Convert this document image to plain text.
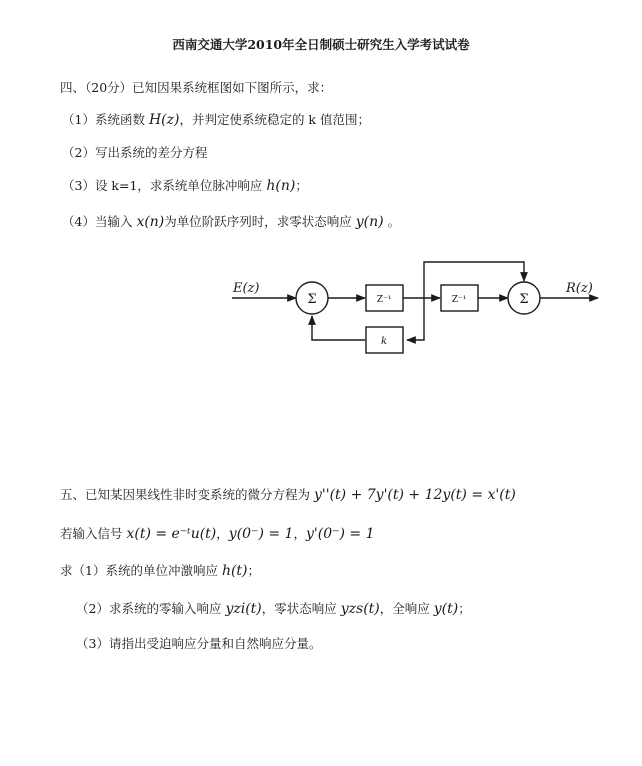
西南交通大学2010年全日制硕士研究生入学考试试卷
四、（20分）已知因果系统框图如下图所示，求：
（1）系统函数 H(z)，并判定使系统稳定的 k 值范围；
（2）写出系统的差分方程
（3）设 k=1，求系统单位脉冲响应 h(n)；
（4）当输入 x(n)为单位阶跃序列时，求零状态响应 y(n) 。
E(z)	R(z)
Σ	Σ
Z⁻¹	Z⁻¹
k
五、已知某因果线性非时变系统的微分方程为 y''(t) + 7y'(t) + 12y(t) = x'(t)
若输入信号 x(t) = e⁻ᵗu(t)，y(0⁻) = 1，y'(0⁻) = 1
求（1）系统的单位冲激响应 h(t)；
（2）求系统的零输入响应 yzi(t)，零状态响应 yzs(t)，全响应 y(t)；
（3）请指出受迫响应分量和自然响应分量。
